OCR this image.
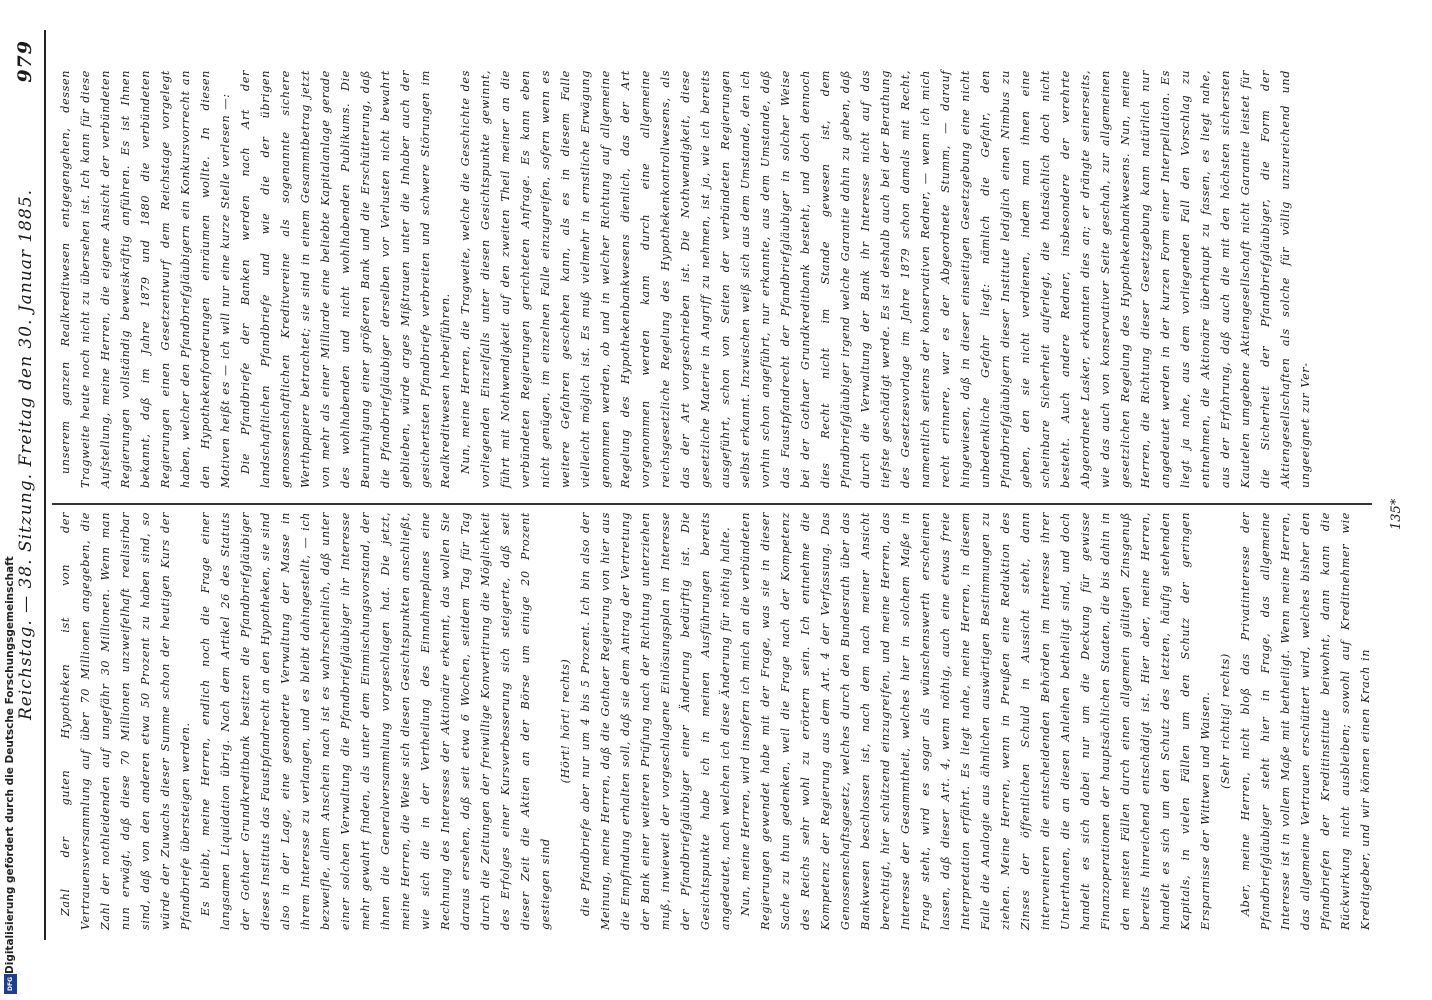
Reichstag. — 38. Sitzung. Freitag den 30. Januar 1885.
979

Zahl der guten Hypotheken ist von der Vertrauensversammlung auf über 70 Millionen angegeben, die Zahl der nothleidenden auf ungefähr 30 Millionen. Wenn man nun erwägt, daß diese 70 Millionen unzweifelhaft realisirbar sind, daß von den anderen etwa 50 Prozent zu haben sind, so würde der Zuwachs dieser Summe schon der heutigen Kurs der Pfandbriefe übersteigen werden. Es bleibt, meine Herren, endlich noch die Frage einer langsamen Liquidation übrig. Nach dem Artikel 26 des Statuts der Gothaer Grundkreditbank besitzen die Pfandbriefgläubiger dieses Instituts das Faustpfandrecht an den Hypotheken, sie sind also in der Lage, eine gesonderte Verwaltung der Masse in ihrem Interesse zu verlangen, und es bleibt dahingestellt, — ich bezweifle, allem Anschein nach ist es wahrscheinlich, daß unter einer solchen Verwaltung die Pfandbriefgläubiger ihr Interesse mehr gewahrt finden, als unter dem Einmischungsvorstand, der ihnen die Generalversammlung vorgeschlagen hat. Die jetzt, meine Herren, die Weise sich diesen Gesichtspunkten anschließt, wie sich die in der Vertheilung des Einnahmeplanes eine Rechnung des Interesses der Aktionäre erkennt, das wollen Sie daraus ersehen, daß seit etwa 6 Wochen, seitdem Tag für Tag durch die Zeitungen der freiwillige Konvertirung die Möglichkeit des Erfolges einer Kursverbesserung sich steigerte, daß seit dieser Zeit die Aktien an der Börse um einige 20 Prozent gestiegen sind

(Hört! hört! rechts) die Pfandbriefe aber nur um 4 bis 5 Prozent. Ich bin also der Meinung, meine Herren, daß die Gothaer Regierung von hier aus die Empfindung erhalten soll, daß sie dem Antrag der Vertretung der Bank einer weiteren Prüfung nach der Richtung unterziehen muß, inwieweit der vorgeschlagene Einlösungsplan im Interesse der Pfandbriefgläubiger einer Änderung bedürftig ist. Die Gesichtspunkte habe ich in meinen Ausführungen bereits angedeutet, nach welchen ich diese Änderung für nöthig halte. Nun, meine Herren, wird insofern ich mich an die verbündeten Regierungen gewendet habe mit der Frage, was sie in dieser Sache zu thun gedenken, weil die Frage nach der Kompetenz des Reichs sehr wohl zu erörtern sein. Ich entnehme die Kompetenz der Regierung aus dem Art. 4 der Verfassung. Das Genossenschaftsgesetz, welches durch den Bundesrath über das Bankwesen beschlossen ist, nach dem nach meiner Ansicht berechtigt, hier schützend einzugreifen, und meine Herren, das Interesse der Gesammtheit, welches hier in solchem Maße in Frage steht, wird es sogar als wünschenswerth erscheinen lassen, daß dieser Art. 4, wenn nöthig, auch eine etwas freie Interpretation erfährt. Es liegt nahe, meine Herren, in diesem Falle die Analogie aus ähnlichen auswärtigen Bestimmungen zu ziehen. Meine Herren, wenn in Preußen eine Reduktion des Zinses der öffentlichen Schuld in Aussicht steht, dann intervenieren die entscheidenden Behörden im Interesse ihrer Unterthanen, die an diesen Anleihen betheiligt sind, und doch handelt es sich dabei nur um die Deckung für gewisse Finanzoperationen der hauptsächlichen Staaten, die bis dahin in den meisten Fällen durch einen allgemein gültigen Zinsgenuß bereits hinreichend entschädigt ist. Hier aber, meine Herren, handelt es sich um den Schutz des letzten, häufig stehenden Kapitals, in vielen Fällen um den Schutz der geringen Ersparnisse der Wittwen und Waisen. (Sehr richtig! rechts) Aber, meine Herren, nicht bloß das Privatinteresse der Pfandbriefgläubiger steht hier in Frage, das allgemeine Interesse ist in vollem Maße mit betheiligt. Wenn meine Herren, das allgemeine Vertrauen erschüttert wird, welches bisher den Pfandbriefen der Kreditinstitute beiwohnt, dann kann die Rückwirkung nicht ausbleiben; sowohl auf Kreditnehmer wie Kreditgeber, und wir können einen Krach in

unserem ganzen Realkreditwesen entgegengehen, dessen Tragweite heute noch nicht zu übersehen ist. Ich kann für diese Aufstellung, meine Herren, die eigene Ansicht der verbündeten Regierungen vollständig beweiskräftig anführen. Es ist Ihnen bekannt, daß im Jahre 1879 und 1880 die verbündeten Regierungen einen Gesetzentwurf dem Reichstage vorgelegt haben, welcher den Pfandbriefgläubigern ein Konkursvorrecht an den Hypothekenforderungen einräumen wollte. In diesen Motiven heißt es — ich will nur eine kurze Stelle verlesen —: Die Pfandbriefe der Banken werden nach Art der landschaftlichen Pfandbriefe und wie die der übrigen genossenschaftlichen Kreditvereine als sogenannte sichere Werthpapiere betrachtet; sie sind in einem Gesammtbetrag jetzt von mehr als einer Milliarde eine beliebte Kapitalanlage gerade des wohlhabenden und nicht wohlhabenden Publikums. Die Beunruhigung einer größeren Bank und die Erschütterung, daß die Pfandbriefgläubiger derselben vor Verlusten nicht bewahrt geblieben, würde arges Mißtrauen unter die Inhaber auch der gesichertsten Pfandbriefe verbreiten und schwere Störungen im Realkreditwesen herbeiführen. Nun, meine Herren, die Tragweite, welche die Geschichte des vorliegenden Einzelfalls unter diesen Gesichtspunkte gewinnt, führt mit Nothwendigkeit auf den zweiten Theil meiner an die verbündeten Regierungen gerichteten Anfrage. Es kann eben nicht genügen, im einzelnen Falle einzugreifen, sofern wenn es weitere Gefahren geschehen kann, als es in diesem Falle vielleicht möglich ist. Es muß vielmehr in ernstliche Erwägung genommen werden, ob und in welcher Richtung auf allgemeine Regelung des Hypothekenbankwesens dienlich, das der Art vorgenommen werden kann durch eine allgemeine reichsgesetzliche Regelung des Hypothekenkontrollwesens, als das der Art vorgeschrieben ist. Die Nothwendigkeit, diese gesetzliche Materie in Angriff zu nehmen, ist ja, wie ich bereits ausgeführt, schon von Seiten der verbündeten Regierungen selbst erkannt. Inzwischen weiß sich aus dem Umstande, den ich vorhin schon angeführt, nur erkannte, aus dem Umstande, daß das Faustpfandrecht der Pfandbriefgläubiger in solcher Weise bei der Gothaer Grundkreditbank besteht, und doch dennoch dies Recht nicht im Stande gewesen ist, dem Pfandbriefgläubiger irgend welche Garantie dahin zu geben, daß durch die Verwaltung der Bank ihr Interesse nicht auf das tiefste geschädigt werde. Es ist deshalb auch bei der Berathung des Gesetzesvorlage im Jahre 1879 schon damals mit Recht, namentlich seitens der konservativen Redner, — wenn ich mich recht erinnere, war es der Abgeordnete Stumm, — darauf hingewiesen, daß in dieser einseitigen Gesetzgebung eine nicht unbedenkliche Gefahr liegt: nämlich die Gefahr, den Pfandbriefgläubigern dieser Institute lediglich einen Nimbus zu geben, den sie nicht verdienen, indem man ihnen eine scheinbare Sicherheit auferlegt, die thatsächlich doch nicht besteht. Auch andere Redner, insbesondere der verehrte Abgeordnete Lasker, erkannten dies an; er drängte seinerseits, wie das auch von konservativer Seite geschah, zur allgemeinen gesetzlichen Regelung des Hypothekenbankwesens. Nun, meine Herren, die Richtung dieser Gesetzgebung kann natürlich nur angedeutet werden in der kurzen Form einer Interpellation. Es liegt ja nahe, aus dem vorliegenden Fall den Vorschlag zu entnehmen, die Aktionäre überhaupt zu fassen, es liegt nahe, aus der Erfahrung, daß auch die mit den höchsten sichersten Kautelen umgebene Aktiengesellschaft nicht Garantie leistet für die Sicherheit der Pfandbriefgläubiger, die Form der Aktiengesellschaften als solche für völlig unzureichend und ungeeignet zur Ver-

135*
Digitalisierung gefördert durch die Deutsche Forschungsgemeinschaft
DFG
